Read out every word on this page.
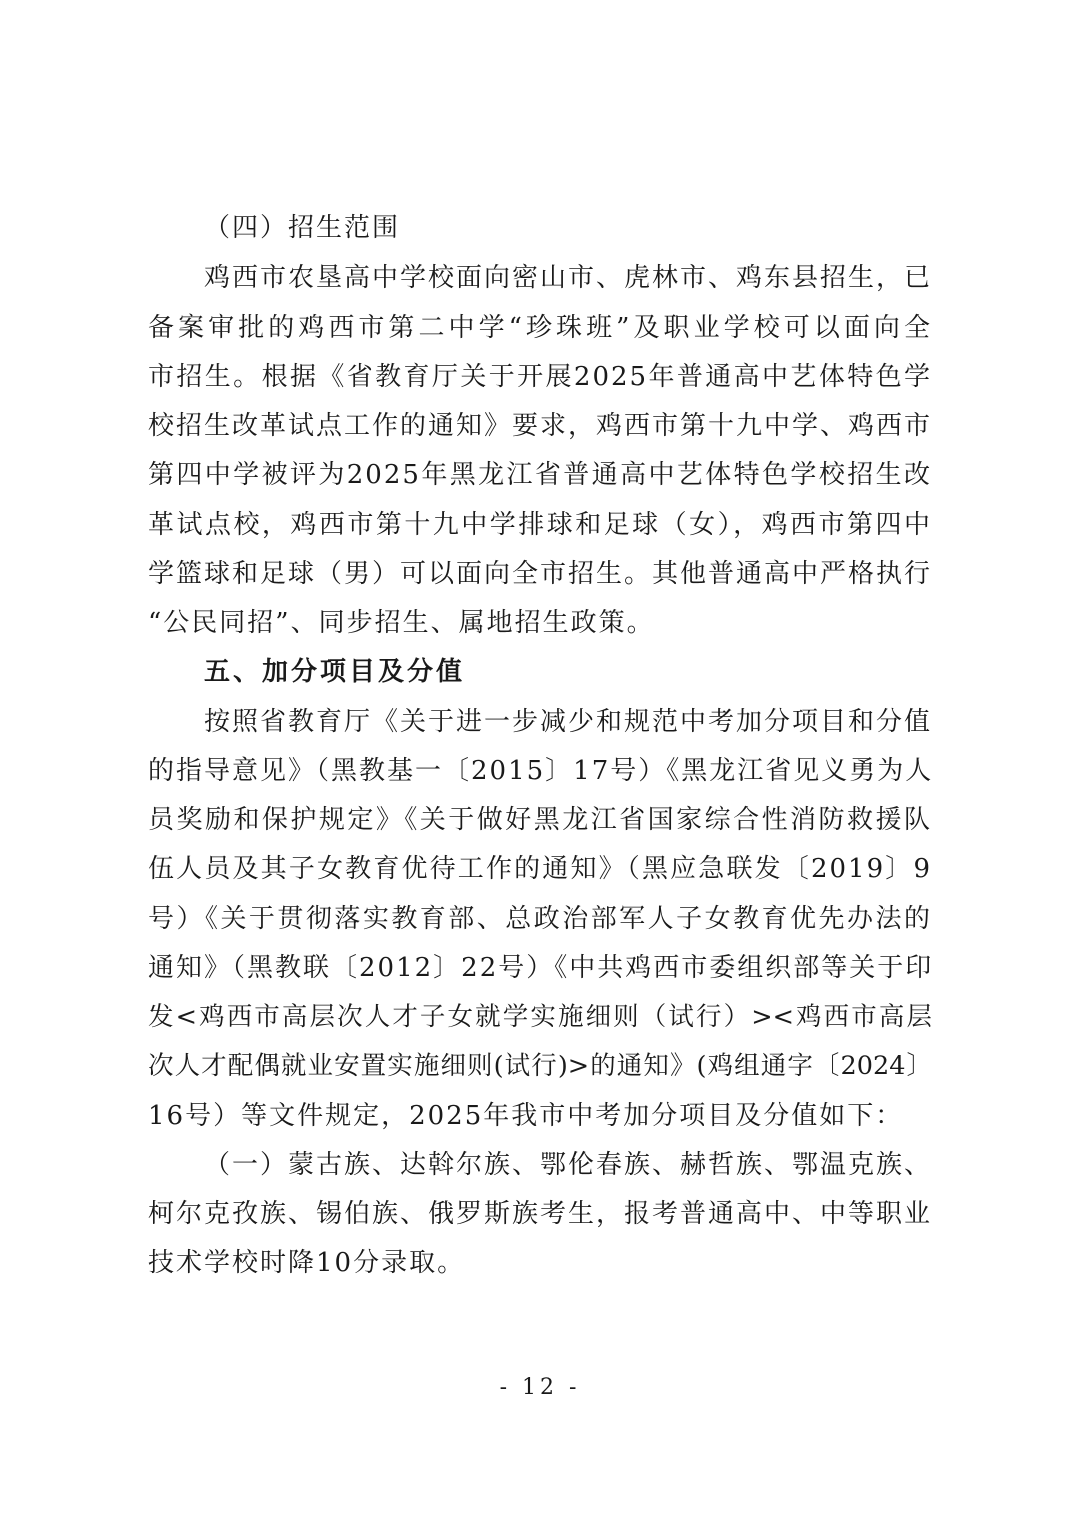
（四）招生范围
鸡西市农垦高中学校面向密山市、虎林市、鸡东县招生，已
备案审批的鸡西市第二中学“珍珠班”及职业学校可以面向全
市招生。根据《省教育厅关于开展2025年普通高中艺体特色学
校招生改革试点工作的通知》要求，鸡西市第十九中学、鸡西市
第四中学被评为2025年黑龙江省普通高中艺体特色学校招生改
革试点校，鸡西市第十九中学排球和足球（女），鸡西市第四中
学篮球和足球（男）可以面向全市招生。其他普通高中严格执行
“公民同招”、同步招生、属地招生政策。
五、加分项目及分值
按照省教育厅《关于进一步减少和规范中考加分项目和分值
的指导意见》（黑教基一〔2015〕17号）《黑龙江省见义勇为人
员奖励和保护规定》《关于做好黑龙江省国家综合性消防救援队
伍人员及其子女教育优待工作的通知》（黑应急联发〔2019〕9
号）《关于贯彻落实教育部、总政治部军人子女教育优先办法的
通知》（黑教联〔2012〕22号）《中共鸡西市委组织部等关于印
发<鸡西市高层次人才子女就学实施细则（试行）><鸡西市高层
次人才配偶就业安置实施细则(试行)>的通知》(鸡组通字〔2024〕
16号）等文件规定，2025年我市中考加分项目及分值如下：
（一）蒙古族、达斡尔族、鄂伦春族、赫哲族、鄂温克族、
柯尔克孜族、锡伯族、俄罗斯族考生，报考普通高中、中等职业
技术学校时降10分录取。
- 12 -
